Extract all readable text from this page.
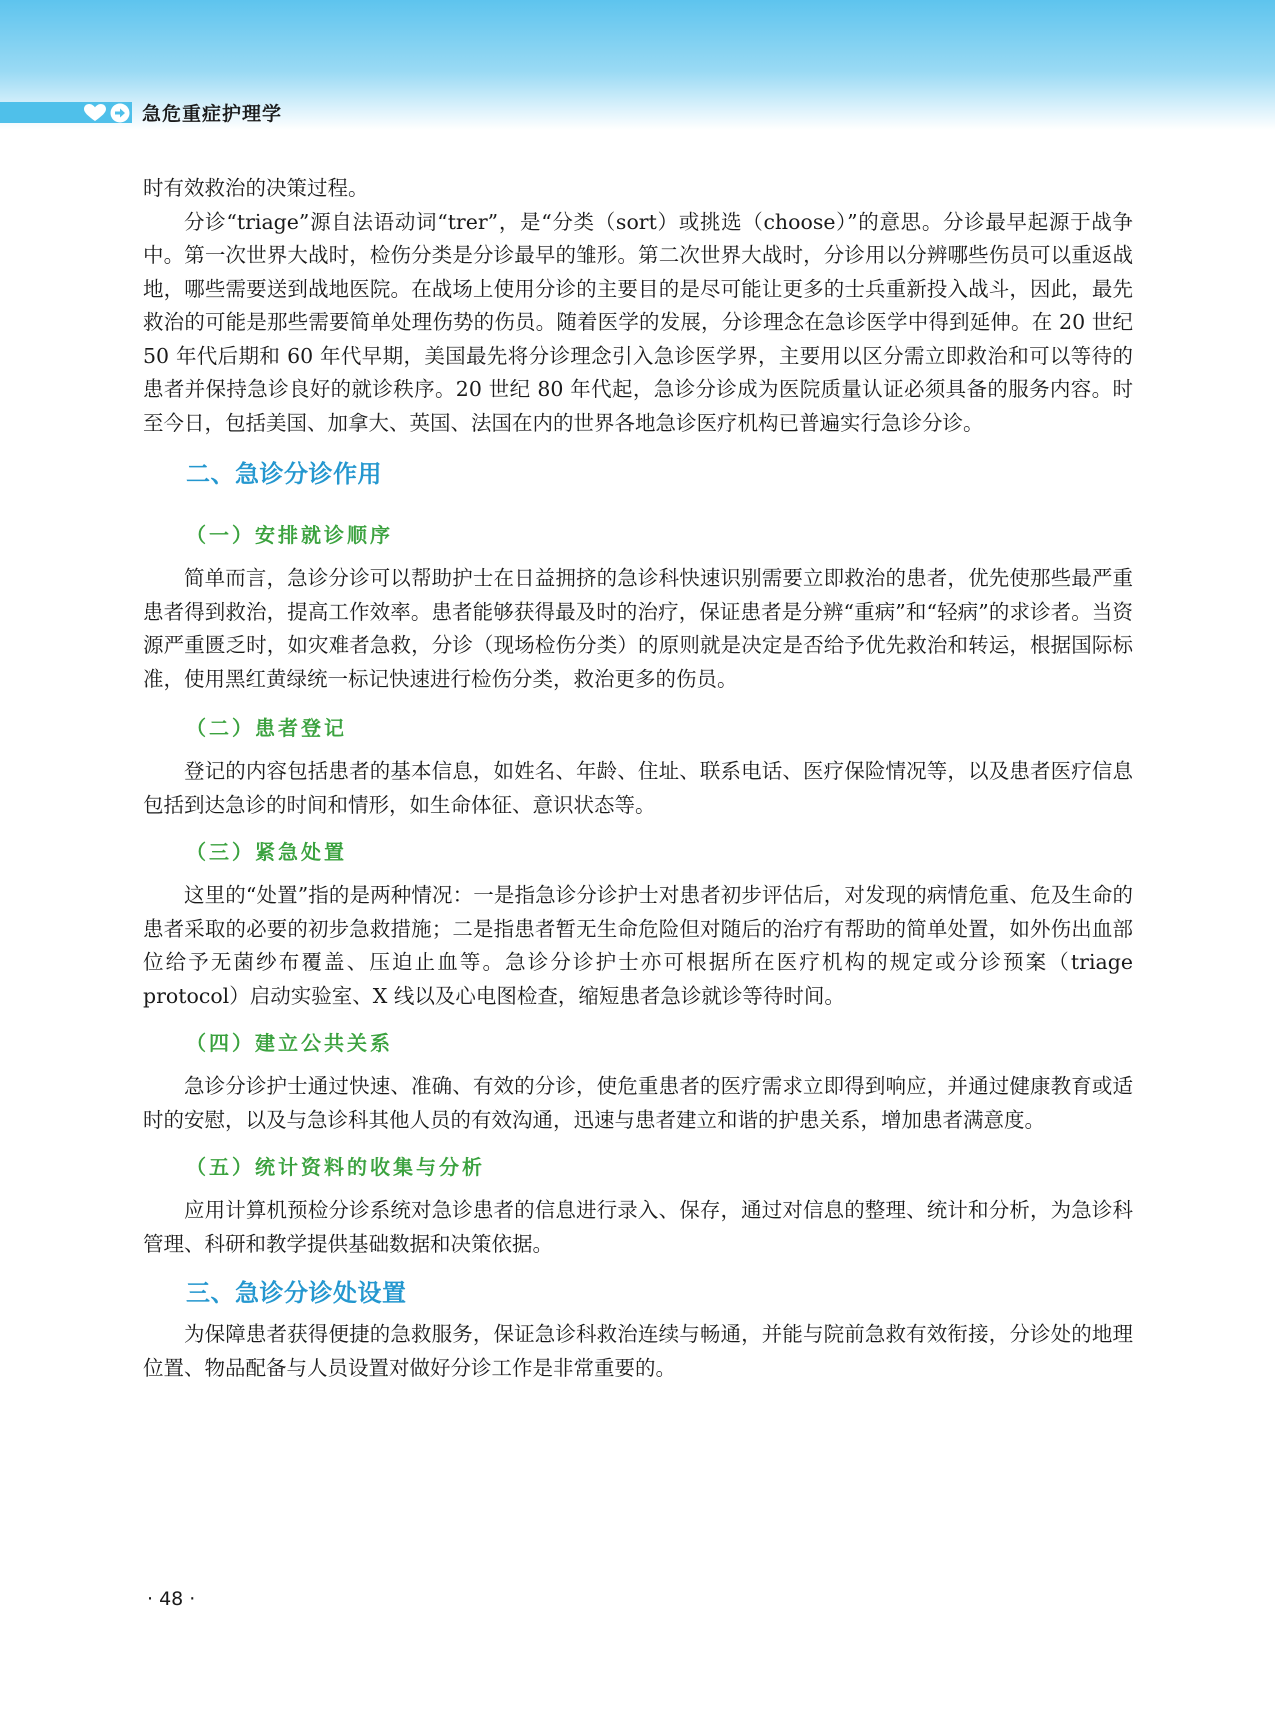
急危重症护理学

时有效救治的决策过程。

分诊“triage”源自法语动词“trer”，是“分类（sort）或挑选（choose）”的意思。分诊最早起源于战争中。第一次世界大战时，检伤分类是分诊最早的雏形。第二次世界大战时，分诊用以分辨哪些伤员可以重返战地，哪些需要送到战地医院。在战场上使用分诊的主要目的是尽可能让更多的士兵重新投入战斗，因此，最先救治的可能是那些需要简单处理伤势的伤员。随着医学的发展，分诊理念在急诊医学中得到延伸。在 20 世纪 50 年代后期和 60 年代早期，美国最先将分诊理念引入急诊医学界，主要用以区分需立即救治和可以等待的患者并保持急诊良好的就诊秩序。20 世纪 80 年代起，急诊分诊成为医院质量认证必须具备的服务内容。时至今日，包括美国、加拿大、英国、法国在内的世界各地急诊医疗机构已普遍实行急诊分诊。

二、急诊分诊作用
（一）安排就诊顺序

简单而言，急诊分诊可以帮助护士在日益拥挤的急诊科快速识别需要立即救治的患者，优先使那些最严重患者得到救治，提高工作效率。患者能够获得最及时的治疗，保证患者是分辨“重病”和“轻病”的求诊者。当资源严重匮乏时，如灾难者急救，分诊（现场检伤分类）的原则就是决定是否给予优先救治和转运，根据国际标准，使用黑红黄绿统一标记快速进行检伤分类，救治更多的伤员。

（二）患者登记

登记的内容包括患者的基本信息，如姓名、年龄、住址、联系电话、医疗保险情况等，以及患者医疗信息包括到达急诊的时间和情形，如生命体征、意识状态等。

（三）紧急处置

这里的“处置”指的是两种情况：一是指急诊分诊护士对患者初步评估后，对发现的病情危重、危及生命的患者采取的必要的初步急救措施；二是指患者暂无生命危险但对随后的治疗有帮助的简单处置，如外伤出血部位给予无菌纱布覆盖、压迫止血等。急诊分诊护士亦可根据所在医疗机构的规定或分诊预案（triage protocol）启动实验室、X 线以及心电图检查，缩短患者急诊就诊等待时间。

（四）建立公共关系

急诊分诊护士通过快速、准确、有效的分诊，使危重患者的医疗需求立即得到响应，并通过健康教育或适时的安慰，以及与急诊科其他人员的有效沟通，迅速与患者建立和谐的护患关系，增加患者满意度。

（五）统计资料的收集与分析

应用计算机预检分诊系统对急诊患者的信息进行录入、保存，通过对信息的整理、统计和分析，为急诊科管理、科研和教学提供基础数据和决策依据。

三、急诊分诊处设置

为保障患者获得便捷的急救服务，保证急诊科救治连续与畅通，并能与院前急救有效衔接，分诊处的地理位置、物品配备与人员设置对做好分诊工作是非常重要的。

· 48 ·
